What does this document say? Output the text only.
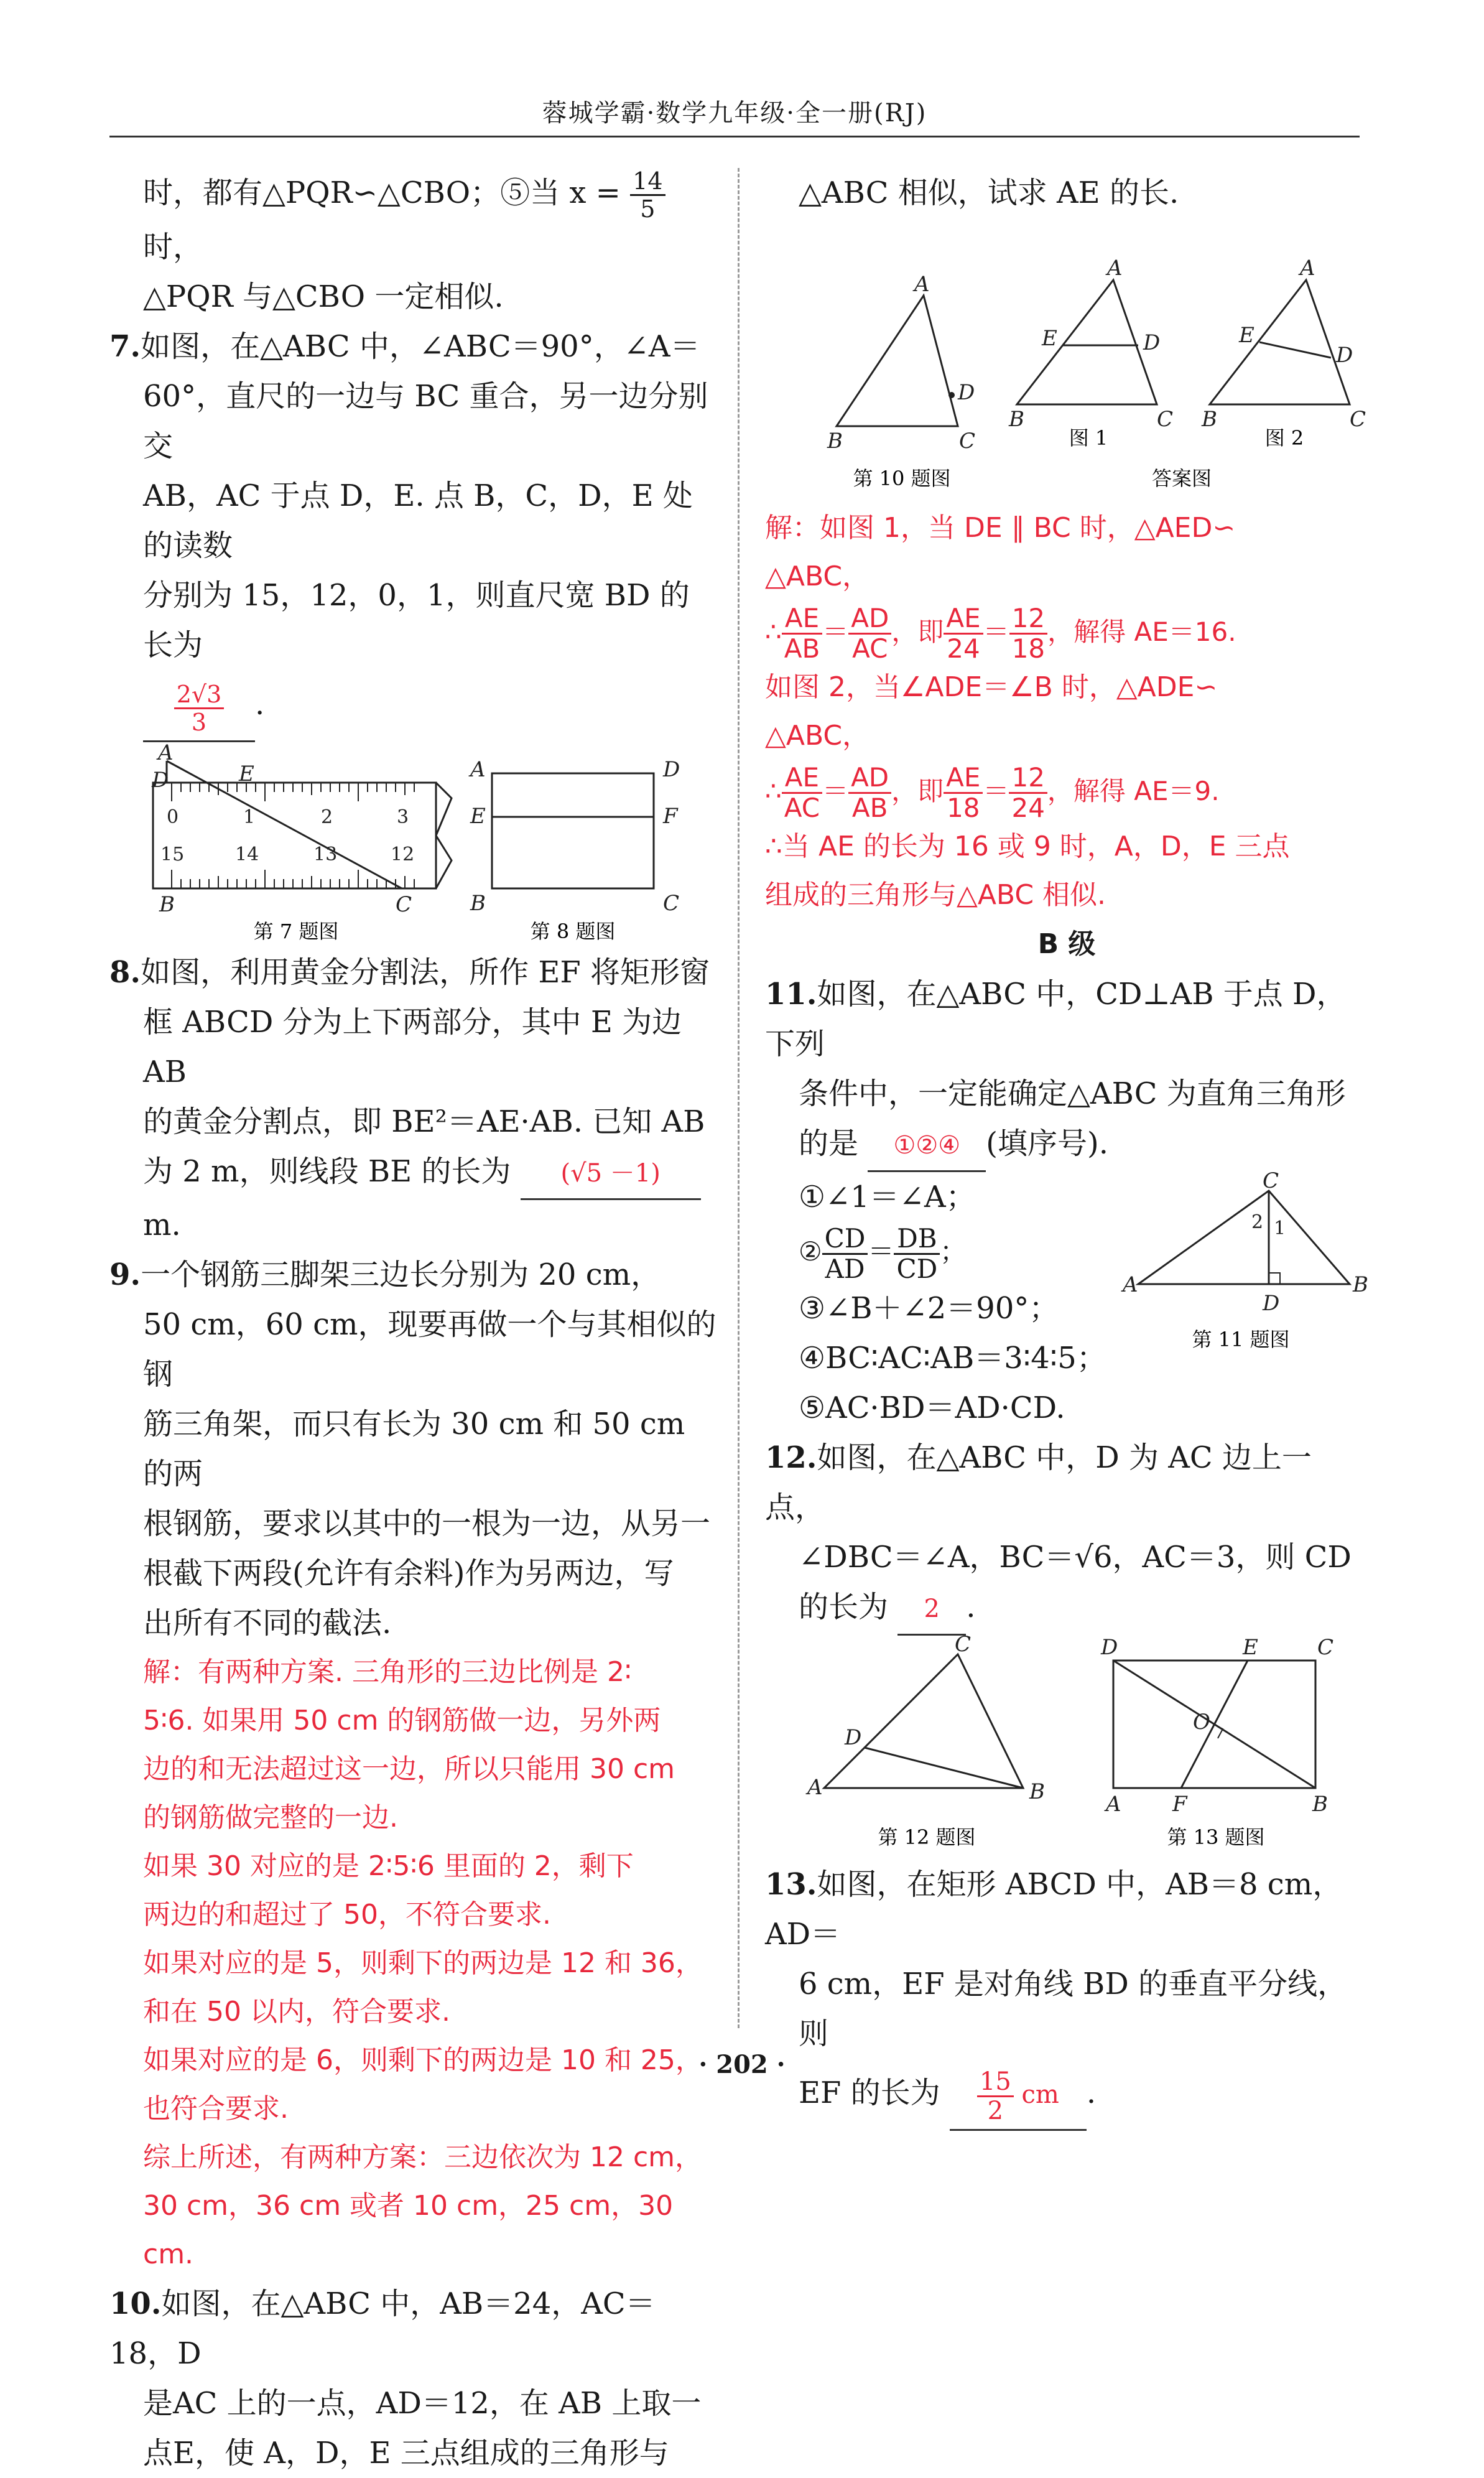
蓉城学霸·数学九年级·全一册(RJ)

时，都有△PQR∽△CBO；⑤当 $x = \frac{14}{5}$
时，

△PQR 与△CBO 一定相似.

7.如图，在△ABC 中，∠ABC＝90°，∠A＝

60°，直尺的一边与 BC 重合，另一边分别交

AB，AC 于点 D，E. 点 B，C，D，E 处的读数

分别为 15，12，0，1，则直尺宽 BD 的长为

$\frac{2√3}{3}$ .

0	1	2	3
15	14	13	12
A
D	E
B	C
第 7 题图
A	D
E	F
B	C
第 8 题图

8.如图，利用黄金分割法，所作 EF 将矩形窗

框 ABCD 分为上下两部分，其中 E 为边 AB

的黄金分割点，即 BE²＝AE·AB. 已知 AB

为 2 m，则线段 BE 的长为 (√5 －1)m.

9.一个钢筋三脚架三边长分别为 20 cm，

50 cm，60 cm，现要再做一个与其相似的钢

筋三角架，而只有长为 30 cm 和 50 cm 的两

根钢筋，要求以其中的一根为一边，从另一

根截下两段(允许有余料)作为另两边，写

出所有不同的截法.

解：有两种方案. 三角形的三边比例是 2∶

5∶6. 如果用 50 cm 的钢筋做一边，另外两

边的和无法超过这一边，所以只能用 30 cm

的钢筋做完整的一边.

如果 30 对应的是 2∶5∶6 里面的 2，剩下

两边的和超过了 50，不符合要求.

如果对应的是 5，则剩下的两边是 12 和 36，

和在 50 以内，符合要求.

如果对应的是 6，则剩下的两边是 10 和 25，

也符合要求.

综上所述，有两种方案：三边依次为 12 cm，

30 cm，36 cm 或者 10 cm，25 cm，30 cm.

10.如图，在△ABC 中，AB＝24，AC＝18，D

是AC 上的一点，AD＝12，在 AB 上取一

点E，使 A，D，E 三点组成的三角形与

△ABC 相似，试求 AE 的长.

A
D
B	C
第 10 题图
A
E	D
B	C
图 1
A
E
D
B	C
图 2
答案图

解：如图 1，当 DE ∥ BC 时，△AED∽

△ABC，

∴ $\frac{AE}{AB} = \frac{AD}{AC}$ ，即 $\frac{AE}{24} = \frac{12}{18}$ ，解得 AE＝16.

如图 2，当∠ADE＝∠B 时，△ADE∽

△ABC，

∴ $\frac{AE}{AC} = \frac{AD}{AB}$ ，即 $\frac{AE}{18} = \frac{12}{24}$ ，解得 AE＝9.

∴当 AE 的长为 16 或 9 时，A，D，E 三点

组成的三角形与△ABC 相似.

B 级

11.如图，在△ABC 中，CD⊥AB 于点 D，下列

条件中，一定能确定△ABC 为直角三角形

的是 ①②④ (填序号).

①∠1＝∠A；

② $\frac{CD}{AD} = \frac{DB}{CD}$ ；

③∠B＋∠2＝90°；

④BC∶AC∶AB＝3∶4∶5；

⑤AC·BD＝AD·CD.

C
A	B
D
2 1
第 11 题图

12.如图，在△ABC 中，D 为 AC 边上一点，

∠DBC＝∠A，BC＝√6，AC＝3，则 CD

的长为 2 .

C
D
A	B
第 12 题图
D	E	C
O
A F	B
第 13 题图

13.如图，在矩形 ABCD 中，AB＝8 cm，AD＝

6 cm，EF 是对角线 BD 的垂直平分线，则

EF 的长为 $\frac{15}{2}$ cm .

· 202 ·
